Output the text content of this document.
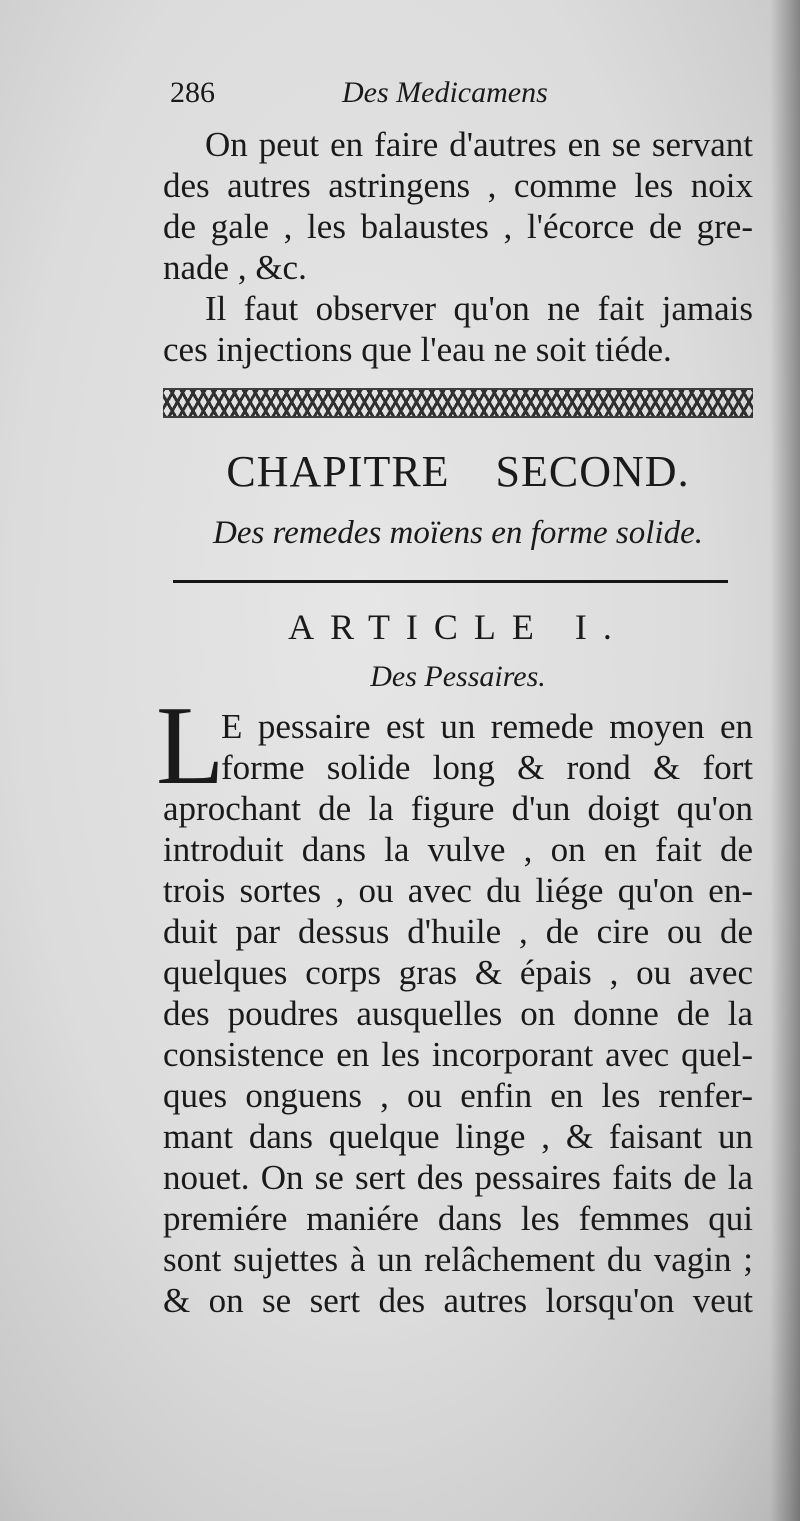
286	Des Medicamens
On peut en faire d'autres en se servant
des autres astringens , comme les noix
de gale , les balaustes , l'écorce de gre-
nade , &c.
Il faut observer qu'on ne fait jamais
ces injections que l'eau ne soit tiéde.
CHAPITRE SECOND.
Des remedes moïens en forme solide.
ARTICLE I.
Des Pessaires.
L
E pessaire est un remede moyen en
forme solide long & rond & fort
aprochant de la figure d'un doigt qu'on
introduit dans la vulve , on en fait de
trois sortes , ou avec du liége qu'on en-
duit par dessus d'huile , de cire ou de
quelques corps gras & épais , ou avec
des poudres ausquelles on donne de la
consistence en les incorporant avec quel-
ques onguens , ou enfin en les renfer-
mant dans quelque linge , & faisant un
nouet. On se sert des pessaires faits de la
premiére maniére dans les femmes qui
sont sujettes à un relâchement du vagin ;
& on se sert des autres lorsqu'on veut
